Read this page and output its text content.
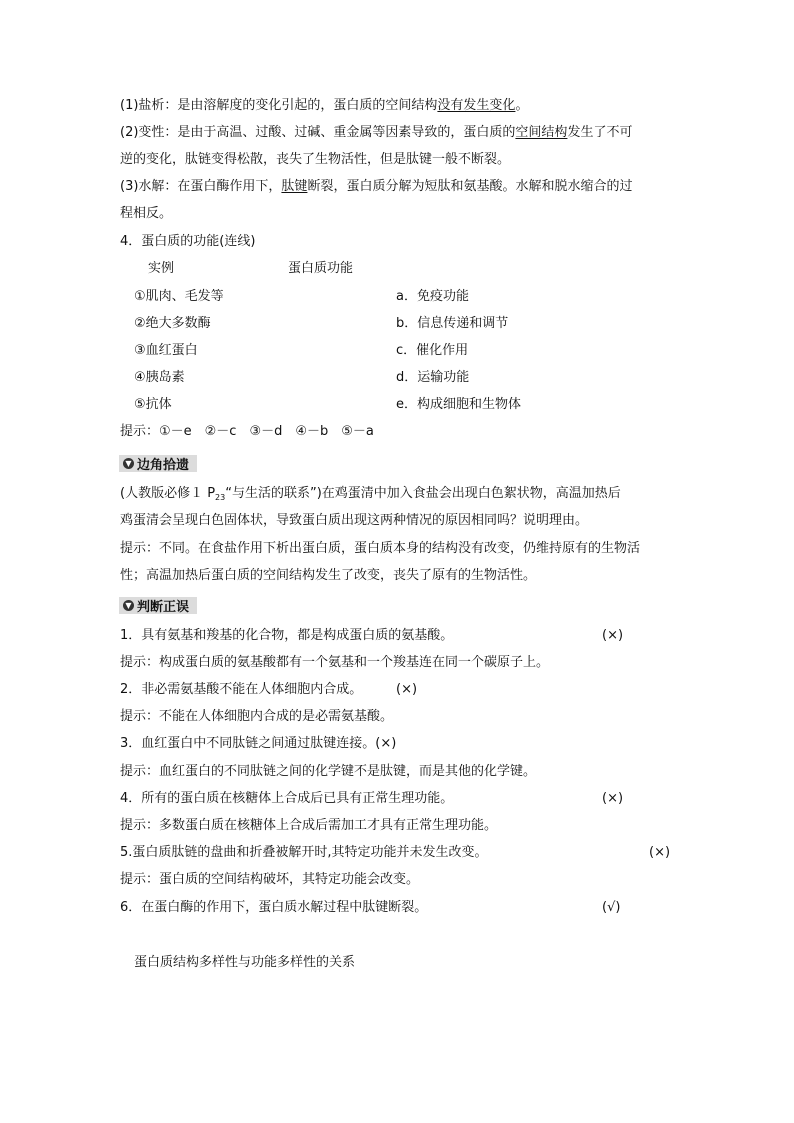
(1)盐析：是由溶解度的变化引起的，蛋白质的空间结构没有发生变化。
(2)变性：是由于高温、过酸、过碱、重金属等因素导致的，蛋白质的空间结构发生了不可
逆的变化，肽链变得松散，丧失了生物活性，但是肽键一般不断裂。
(3)水解：在蛋白酶作用下，肽键断裂，蛋白质分解为短肽和氨基酸。水解和脱水缩合的过
程相反。
4．蛋白质的功能(连线)
实例	蛋白质功能
①肌肉、毛发等	a．免疫功能
②绝大多数酶	b．信息传递和调节
③血红蛋白	c．催化作用
④胰岛素	d．运输功能
⑤抗体	e．构成细胞和生物体
提示：①－e　②－c　③－d　④－b　⑤－a
▼ 边角拾遗
(人教版必修１ $P_{23}“$与生活的联系”)在鸡蛋清中加入食盐会出现白色絮状物，高温加热后
鸡蛋清会呈现白色固体状，导致蛋白质出现这两种情况的原因相同吗？说明理由。
提示：不同。在食盐作用下析出蛋白质，蛋白质本身的结构没有改变，仍维持原有的生物活
性；高温加热后蛋白质的空间结构发生了改变，丧失了原有的生物活性。
▼ 判断正误
1．具有氨基和羧基的化合物，都是构成蛋白质的氨基酸。	(×)
提示：构成蛋白质的氨基酸都有一个氨基和一个羧基连在同一个碳原子上。
2．非必需氨基酸不能在人体细胞内合成。	(×)
提示：不能在人体细胞内合成的是必需氨基酸。
3．血红蛋白中不同肽链之间通过肽键连接。(×)
提示：血红蛋白的不同肽链之间的化学键不是肽键，而是其他的化学键。
4．所有的蛋白质在核糖体上合成后已具有正常生理功能。	(×)
提示：多数蛋白质在核糖体上合成后需加工才具有正常生理功能。
5.蛋白质肽链的盘曲和折叠被解开时,其特定功能并未发生改变。	(×)
提示：蛋白质的空间结构破坏，其特定功能会改变。
6．在蛋白酶的作用下，蛋白质水解过程中肽键断裂。	(√)
蛋白质结构多样性与功能多样性的关系
